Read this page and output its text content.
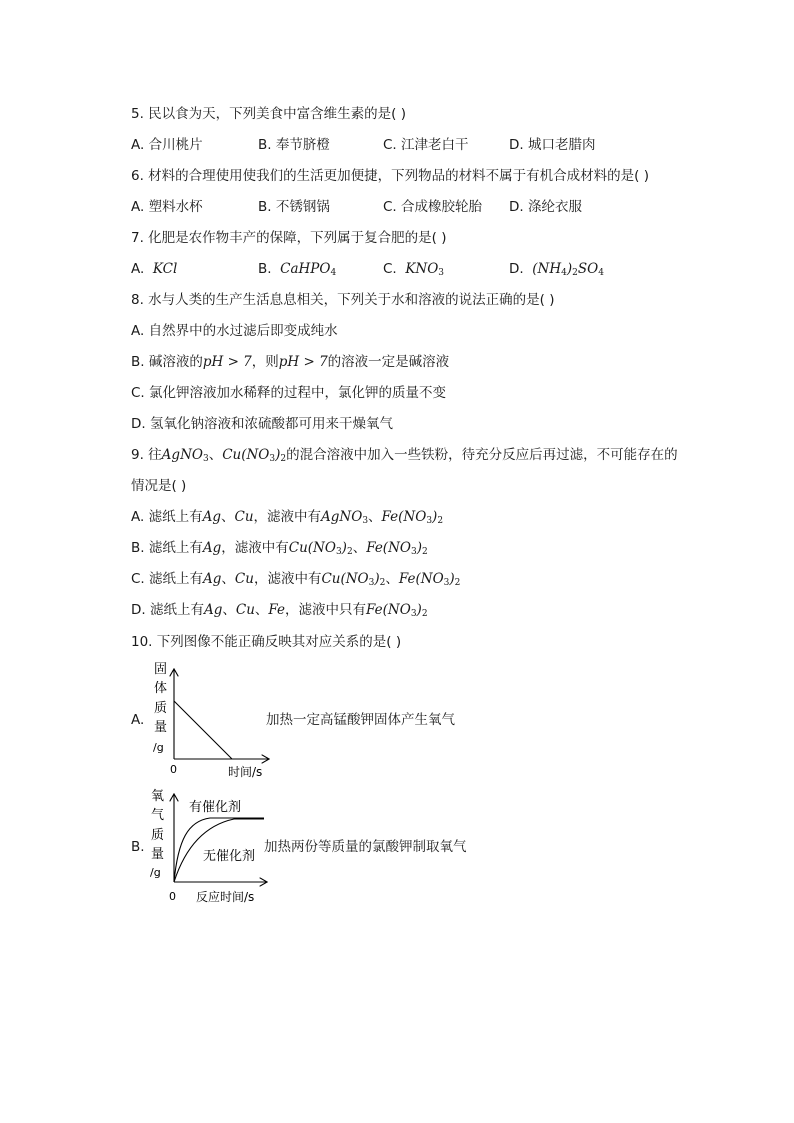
5. 民以食为天，下列美食中富含维生素的是( )
A. 合川桃片	B. 奉节脐橙	C. 江津老白干	D. 城口老腊肉
6. 材料的合理使用使我们的生活更加便捷，下列物品的材料不属于有机合成材料的是( )
A. 塑料水杯	B. 不锈钢锅	C. 合成橡胶轮胎 D. 涤纶衣服
7. 化肥是农作物丰产的保障，下列属于复合肥的是( )
A. KCl	B. CaHPO$_4$	C. $KNO_3$	D. $(NH_4)_2SO_4$
8. 水与人类的生产生活息息相关，下列关于水和溶液的说法正确的是( )
A. 自然界中的水过滤后即变成纯水
B. 碱溶液的pH > 7，则pH > 7的溶液一定是碱溶液
C. 氯化钾溶液加水稀释的过程中，氯化钾的质量不变
D. 氢氧化钠溶液和浓硫酸都可用来干燥氧气
9. 往AgNO$_3$、$Cu(NO_3)_2$的混合溶液中加入一些铁粉，待充分反应后再过滤，不可能存在的
情况是( )
A. 滤纸上有Ag、Cu，滤液中有AgNO$_3$、$Fe(NO_3)_2$
B. 滤纸上有Ag，滤液中有$Cu(NO_3)_2$、$Fe(NO_3)_2$
C. 滤纸上有Ag、Cu，滤液中有$Cu(NO_3)_2$、$Fe(NO_3)_2$
D. 滤纸上有Ag、Cu、Fe，滤液中只有$Fe(NO_3)_2$
10. 下列图像不能正确反映其对应关系的是( )
A.
固
体
质
量
/g
0	时间/s
加热一定高锰酸钾固体产生氧气
B.
氧
气
质
量
/g
有催化剂
无催化剂
0 反应时间/s
加热两份等质量的氯酸钾制取氧气
